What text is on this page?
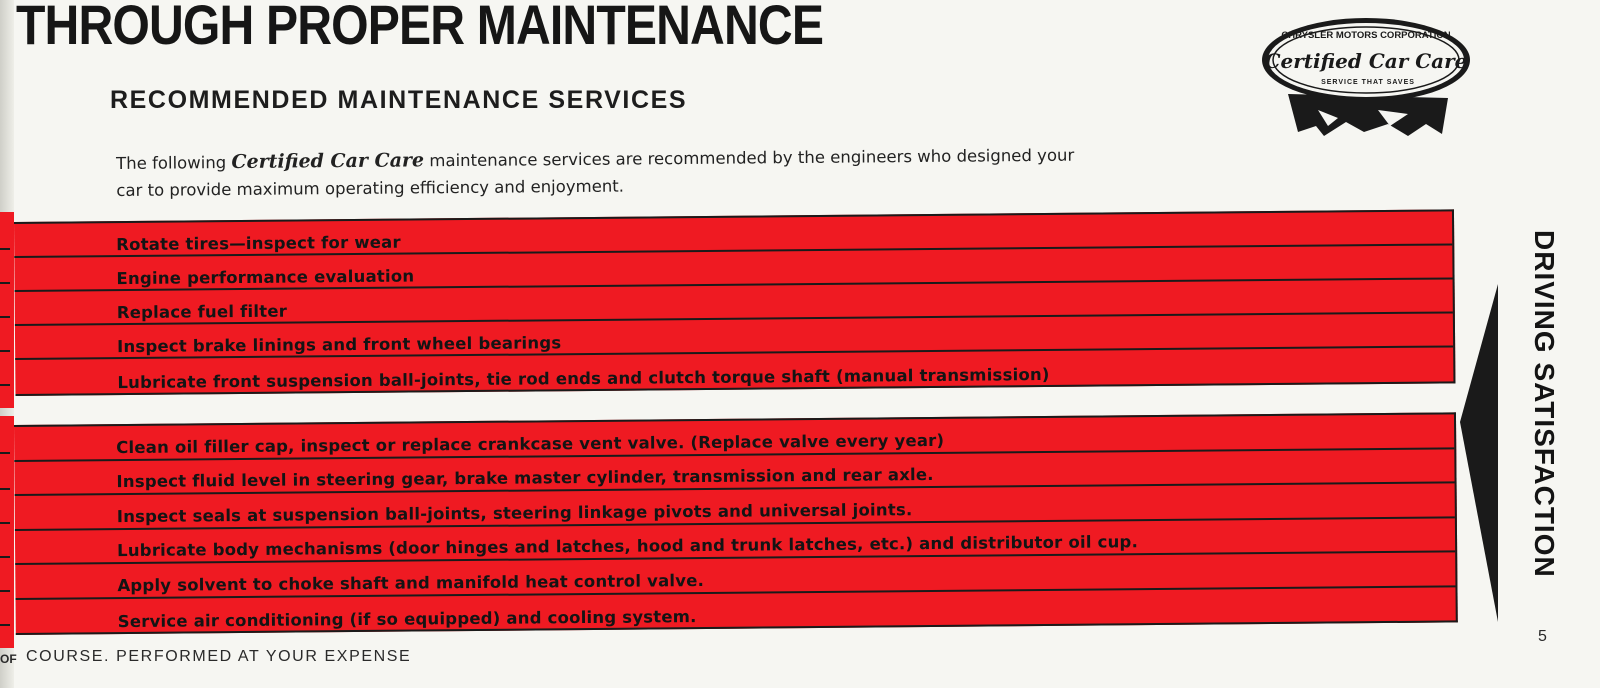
THROUGH PROPER MAINTENANCE
RECOMMENDED MAINTENANCE SERVICES
The following Certified Car Care maintenance services are recommended by the engineers who designed your car to provide maximum operating efficiency and enjoyment.
Rotate tires—inspect for wear
Engine performance evaluation
Replace fuel filter
Inspect brake linings and front wheel bearings
Lubricate front suspension ball-joints, tie rod ends and clutch torque shaft (manual transmission)
Clean oil filler cap, inspect or replace crankcase vent valve. (Replace valve every year)
Inspect fluid level in steering gear, brake master cylinder, transmission and rear axle.
Inspect seals at suspension ball-joints, steering linkage pivots and universal joints.
Lubricate body mechanisms (door hinges and latches, hood and trunk latches, etc.) and distributor oil cup.
Apply solvent to choke shaft and manifold heat control valve.
Service air conditioning (if so equipped) and cooling system.
OF COURSE. PERFORMED AT YOUR EXPENSE
CHRYSLER MOTORS CORPORATION
Certified Car Care
SERVICE THAT SAVES
DRIVING SATISFACTION
5
